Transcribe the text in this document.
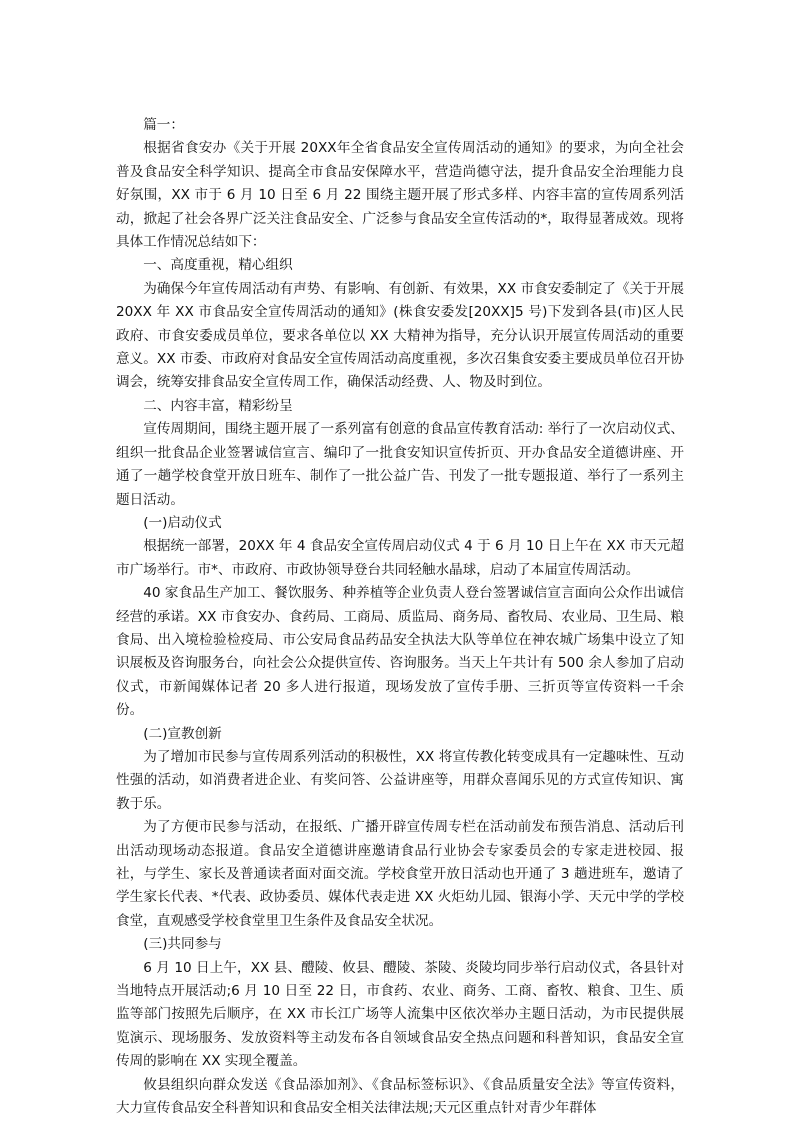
篇一：

根据省食安办《关于开展 20XX年全省食品安全宣传周活动的通知》的要求，为向全社会普及食品安全科学知识、提高全市食品安保障水平，营造尚德守法，提升食品安全治理能力良好氛围，XX 市于 6 月 10 日至 6 月 22 围绕主题开展了形式多样、内容丰富的宣传周系列活动，掀起了社会各界广泛关注食品安全、广泛参与食品安全宣传活动的*，取得显著成效。现将具体工作情况总结如下：

一、高度重视，精心组织

为确保今年宣传周活动有声势、有影响、有创新、有效果，XX 市食安委制定了《关于开展 20XX 年 XX 市食品安全宣传周活动的通知》(株食安委发[20XX]5 号)下发到各县(市)区人民政府、市食安委成员单位，要求各单位以 XX 大精神为指导，充分认识开展宣传周活动的重要意义。XX 市委、市政府对食品安全宣传周活动高度重视，多次召集食安委主要成员单位召开协调会，统筹安排食品安全宣传周工作，确保活动经费、人、物及时到位。

二、内容丰富，精彩纷呈

宣传周期间，围绕主题开展了一系列富有创意的食品宣传教育活动: 举行了一次启动仪式、组织一批食品企业签署诚信宣言、编印了一批食安知识宣传折页、开办食品安全道德讲座、开通了一趟学校食堂开放日班车、制作了一批公益广告、刊发了一批专题报道、举行了一系列主题日活动。

(一)启动仪式

根据统一部署，20XX 年 4 食品安全宣传周启动仪式 4 于 6 月 10 日上午在 XX 市天元超市广场举行。市*、市政府、市政协领导登台共同轻触水晶球，启动了本届宣传周活动。

40 家食品生产加工、餐饮服务、种养植等企业负责人登台签署诚信宣言面向公众作出诚信经营的承诺。XX 市食安办、食药局、工商局、质监局、商务局、畜牧局、农业局、卫生局、粮食局、出入境检验检疫局、市公安局食品药品安全执法大队等单位在神农城广场集中设立了知识展板及咨询服务台，向社会公众提供宣传、咨询服务。当天上午共计有 500 余人参加了启动仪式，市新闻媒体记者 20 多人进行报道，现场发放了宣传手册、三折页等宣传资料一千余份。

(二)宣教创新

为了增加市民参与宣传周系列活动的积极性，XX 将宣传教化转变成具有一定趣味性、互动性强的活动，如消费者进企业、有奖问答、公益讲座等，用群众喜闻乐见的方式宣传知识、寓教于乐。

为了方便市民参与活动，在报纸、广播开辟宣传周专栏在活动前发布预告消息、活动后刊出活动现场动态报道。食品安全道德讲座邀请食品行业协会专家委员会的专家走进校园、报社，与学生、家长及普通读者面对面交流。学校食堂开放日活动也开通了 3 趟进班车，邀请了学生家长代表、*代表、政协委员、媒体代表走进 XX 火炬幼儿园、银海小学、天元中学的学校食堂，直观感受学校食堂里卫生条件及食品安全状况。

(三)共同参与

6 月 10 日上午，XX 县、醴陵、攸县、醴陵、茶陵、炎陵均同步举行启动仪式，各县针对当地特点开展活动;6 月 10 日至 22 日，市食药、农业、商务、工商、畜牧、粮食、卫生、质监等部门按照先后顺序，在 XX 市长江广场等人流集中区依次举办主题日活动，为市民提供展览演示、现场服务、发放资料等主动发布各自领域食品安全热点问题和科普知识，食品安全宣传周的影响在 XX 实现全覆盖。

攸县组织向群众发送《食品添加剂》、《食品标签标识》、《食品质量安全法》等宣传资料，大力宣传食品安全科普知识和食品安全相关法律法规;天元区重点针对青少年群体
